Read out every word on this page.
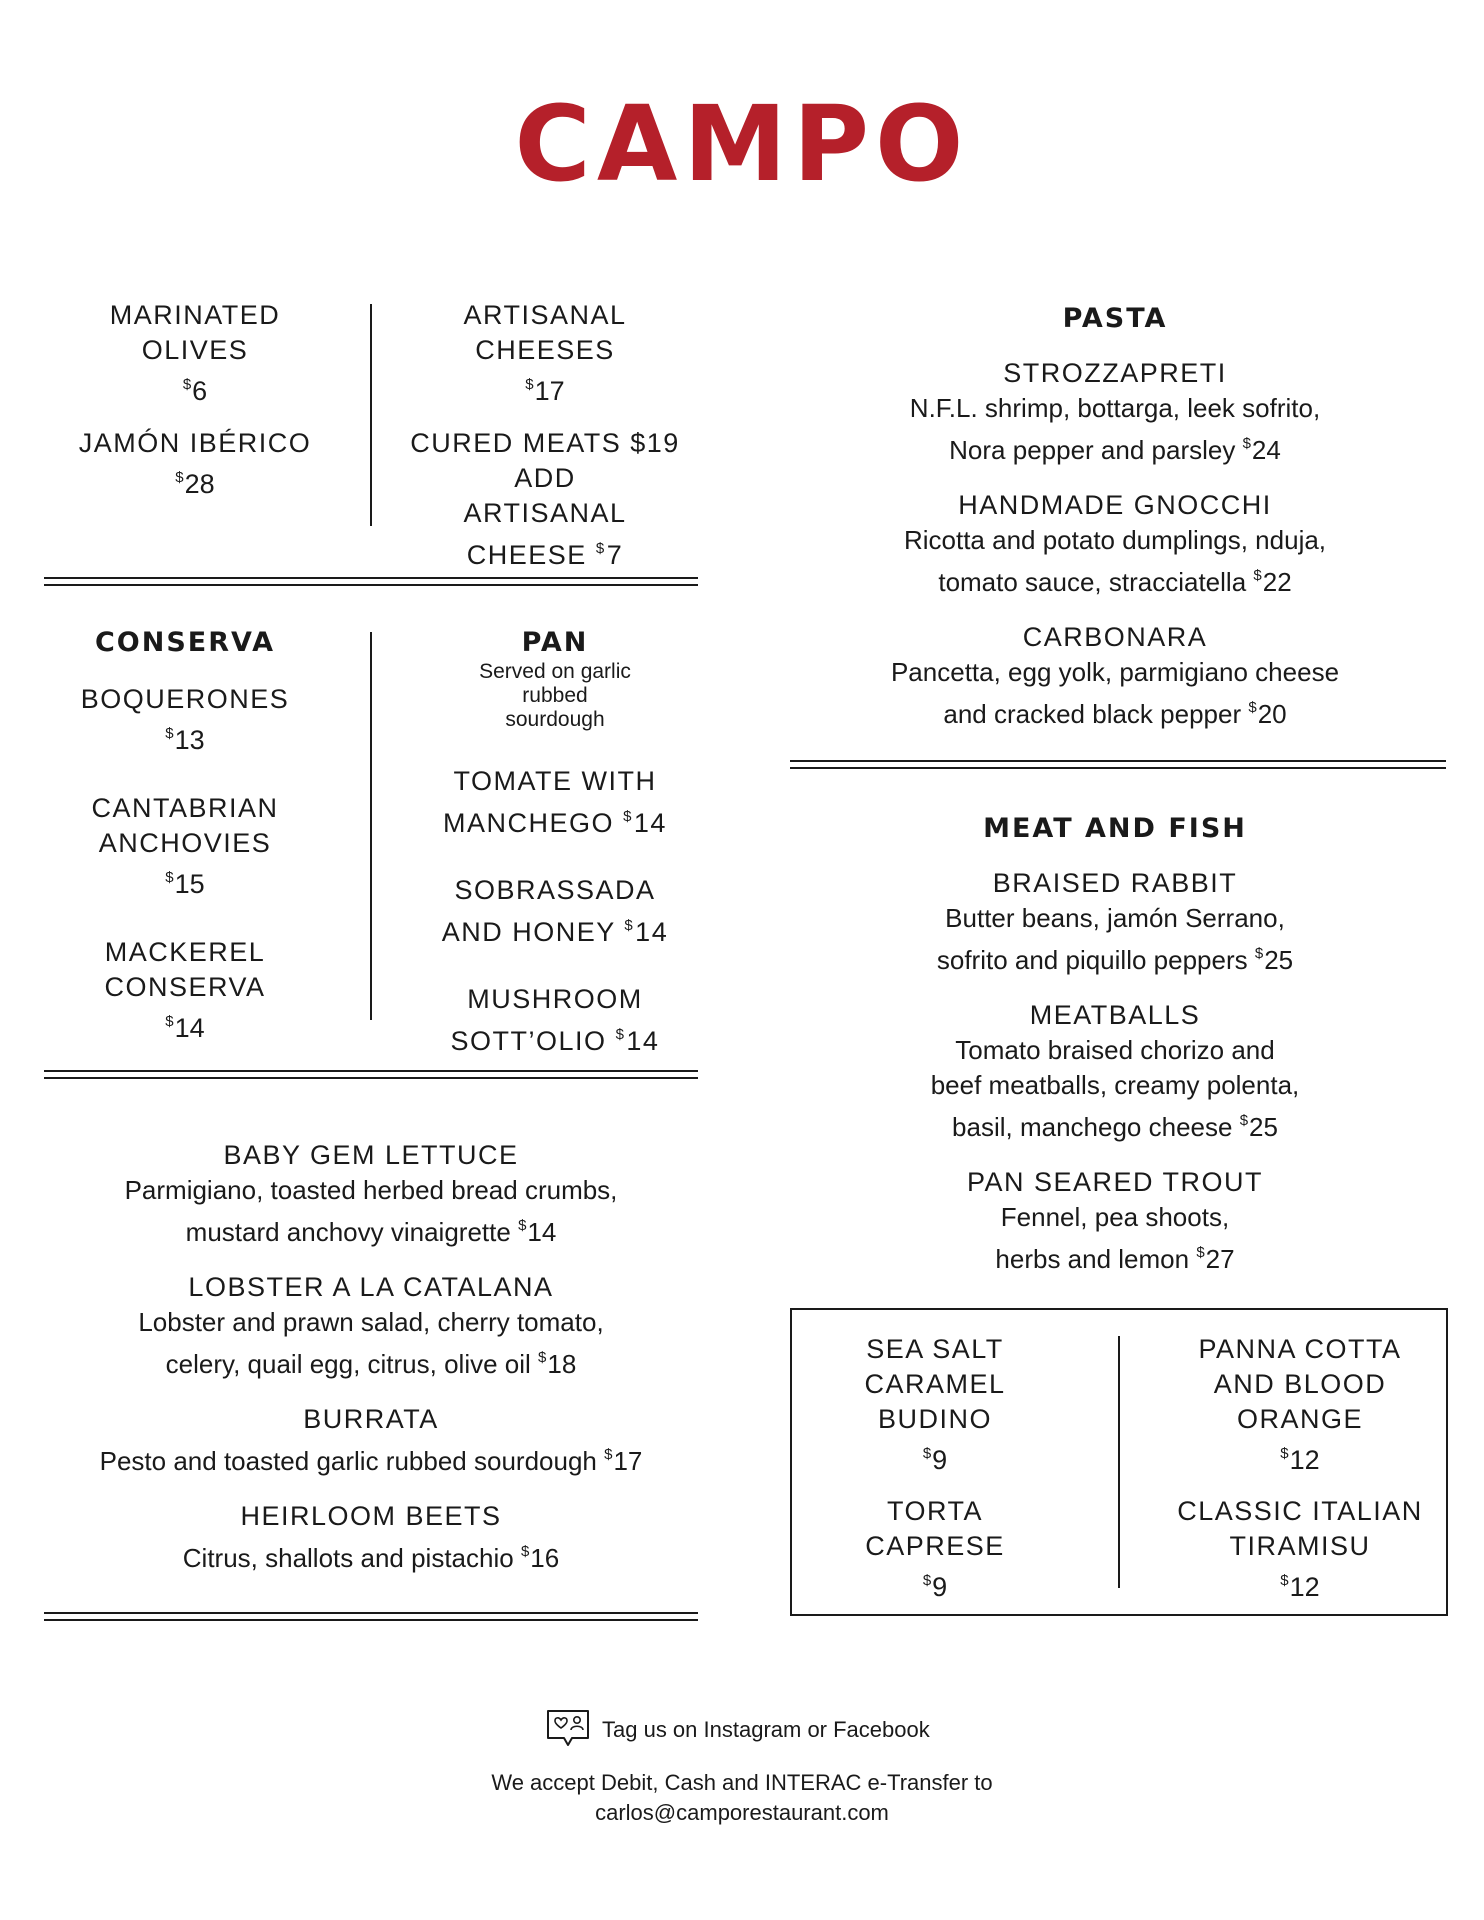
CAMPO
MARINATED OLIVES
$6
JAMÓN IBÉRICO
$28
ARTISANAL CHEESES
$17
CURED MEATS $19
ADD ARTISANAL CHEESE $7
CONSERVA
BOQUERONES
$13
CANTABRIAN ANCHOVIES
$15
MACKEREL CONSERVA
$14
PAN
Served on garlic rubbed sourdough
TOMATE WITH MANCHEGO $14
SOBRASSADA AND HONEY $14
MUSHROOM SOTT’OLIO $14
BABY GEM LETTUCE
Parmigiano, toasted herbed bread crumbs,
mustard anchovy vinaigrette $14
LOBSTER A LA CATALANA
Lobster and prawn salad, cherry tomato,
celery, quail egg, citrus, olive oil $18
BURRATA
Pesto and toasted garlic rubbed sourdough $17
HEIRLOOM BEETS
Citrus, shallots and pistachio $16
PASTA
STROZZAPRETI
N.F.L. shrimp, bottarga, leek sofrito,
Nora pepper and parsley $24
HANDMADE GNOCCHI
Ricotta and potato dumplings, nduja,
tomato sauce, stracciatella $22
CARBONARA
Pancetta, egg yolk, parmigiano cheese
and cracked black pepper $20
MEAT AND FISH
BRAISED RABBIT
Butter beans, jamón Serrano,
sofrito and piquillo peppers $25
MEATBALLS
Tomato braised chorizo and
beef meatballs, creamy polenta,
basil, manchego cheese $25
PAN SEARED TROUT
Fennel, pea shoots,
herbs and lemon $27
SEA SALT CARAMEL BUDINO
$9
TORTA CAPRESE
$9
PANNA COTTA AND BLOOD ORANGE
$12
CLASSIC ITALIAN TIRAMISU
$12
Tag us on Instagram or Facebook
We accept Debit, Cash and INTERAC e-Transfer to
carlos@camporestaurant.com
